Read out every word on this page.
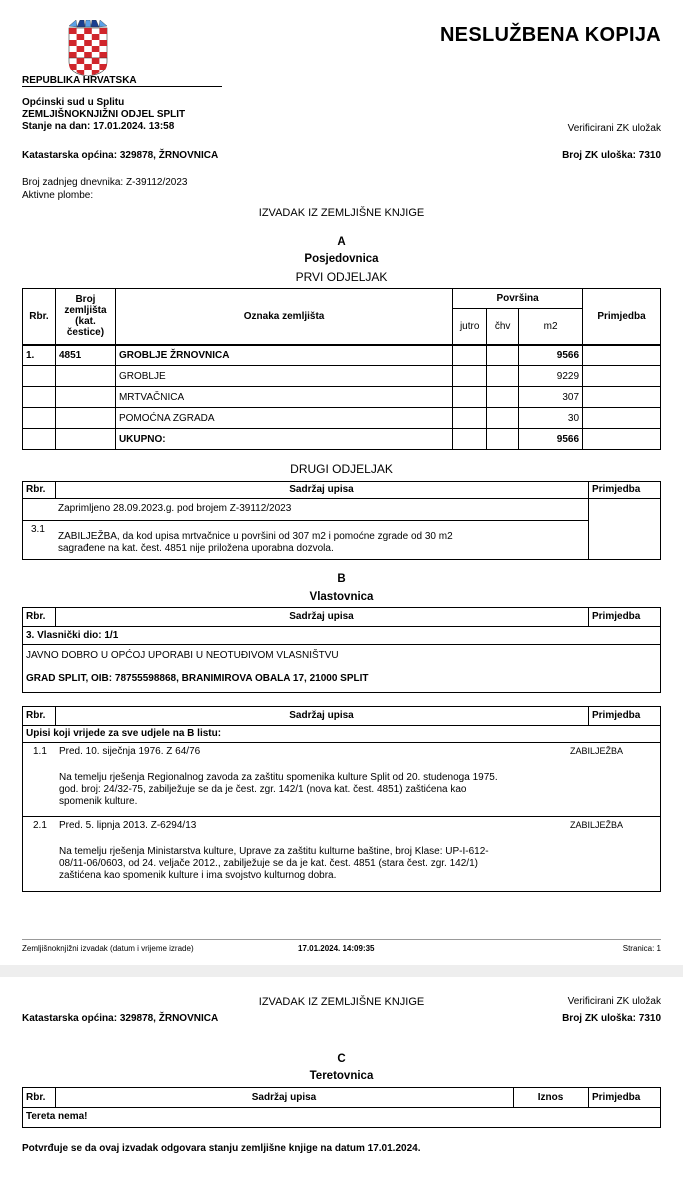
NESLUŽBENA KOPIJA
REPUBLIKA HRVATSKA
Općinski sud u Splitu
ZEMLJIŠNOKNJIŽNI ODJEL SPLIT
Stanje na dan: 17.01.2024. 13:58	Verificirani ZK uložak
Katastarska općina: 329878, ŽRNOVNICA	Broj ZK uloška: 7310
Broj zadnjeg dnevnika: Z-39112/2023
Aktivne plombe:
IZVADAK IZ ZEMLJIŠNE KNJIGE
A
Posjedovnica
PRVI ODJELJAK
Rbr.	Broj zemljišta (kat. čestice)	Oznaka zemljišta	Površina			Primjedba
			jutro	čhv	m2	
1.	4851	GROBLJE ŽRNOVNICA			9566	
		GROBLJE			9229	
		MRTVAČNICA			307	
		POMOĆNA ZGRADA			30	
		UKUPNO:			9566	
DRUGI ODJELJAK
Rbr.	Sadržaj upisa	Primjedba
Zaprimljeno 28.09.2023.g. pod brojem Z-39112/2023
3.1
ZABILJEŽBA, da kod upisa mrtvačnice u površini od 307 m2 i pomoćne zgrade od 30 m2
sagrađene na kat. čest. 4851 nije priložena uporabna dozvola.
B
Vlastovnica
Rbr.	Sadržaj upisa	Primjedba
3. Vlasnički dio: 1/1
JAVNO DOBRO U OPĆOJ UPORABI U NEOTUĐIVOM VLASNIŠTVU
GRAD SPLIT, OIB: 78755598868, BRANIMIROVA OBALA 17, 21000 SPLIT
Rbr.	Sadržaj upisa	Primjedba
Upisi koji vrijede za sve udjele na B listu:
1.1 Pred. 10. siječnja 1976. Z 64/76	ZABILJEŽBA
Na temelju rješenja Regionalnog zavoda za zaštitu spomenika kulture Split od 20. studenoga 1975.
god. broj: 24/32-75, zabilježuje se da je čest. zgr. 142/1 (nova kat. čest. 4851) zaštićena kao
spomenik kulture.
2.1 Pred. 5. lipnja 2013. Z-6294/13	ZABILJEŽBA
Na temelju rješenja Ministarstva kulture, Uprave za zaštitu kulturne baštine, broj Klase: UP-I-612-
08/11-06/0603, od 24. veljače 2012., zabilježuje se da je kat. čest. 4851 (stara čest. zgr. 142/1)
zaštićena kao spomenik kulture i ima svojstvo kulturnog dobra.
Zemljišnoknjižni izvadak (datum i vrijeme izrade)	17.01.2024. 14:09:35	Stranica: 1
IZVADAK IZ ZEMLJIŠNE KNJIGE	Verificirani ZK uložak
Katastarska općina: 329878, ŽRNOVNICA	Broj ZK uloška: 7310
C
Teretovnica
Rbr.	Sadržaj upisa	Iznos	Primjedba
Tereta nema!
Potvrđuje se da ovaj izvadak odgovara stanju zemljišne knjige na datum 17.01.2024.
